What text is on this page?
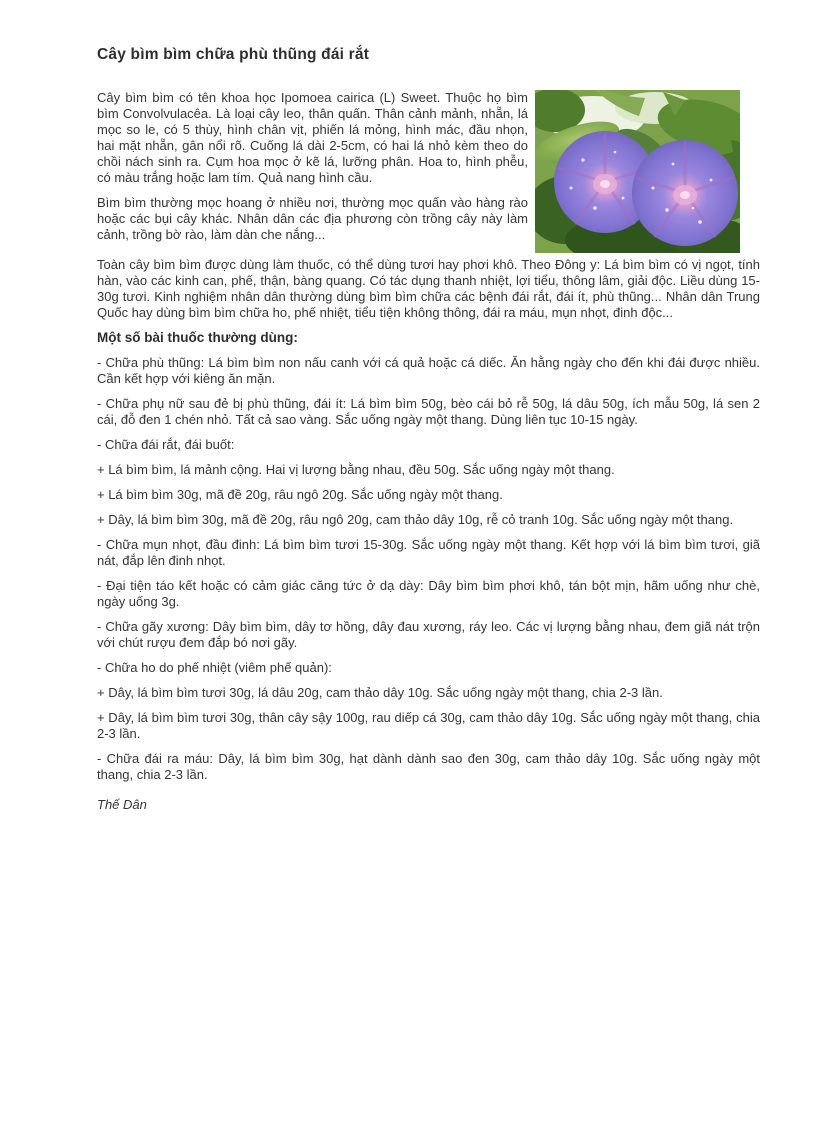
Cây bìm bìm chữa phù thũng đái rắt

Cây bìm bìm có tên khoa học Ipomoea cairica (L) Sweet. Thuộc họ bìm bìm Convolvulacêa. Là loại cây leo, thân quấn. Thân cảnh mảnh, nhẵn, lá mọc so le, có 5 thùy, hình chân vịt, phiến lá mỏng, hình mác, đầu nhọn, hai mặt nhẵn, gân nổi rõ. Cuống lá dài 2-5cm, có hai lá nhỏ kèm theo do chồi nách sinh ra. Cụm hoa mọc ở kẽ lá, lưỡng phân. Hoa to, hình phễu, có màu trắng hoặc lam tím. Quả nang hình cầu.

Bìm bìm thường mọc hoang ở nhiều nơi, thường mọc quấn vào hàng rào hoặc các bụi cây khác. Nhân dân các địa phương còn trồng cây này làm cảnh, trồng bờ rào, làm dàn che nắng...

Toàn cây bìm bìm được dùng làm thuốc, có thể dùng tươi hay phơi khô. Theo Đông y: Lá bìm bìm có vị ngọt, tính hàn, vào các kinh can, phế, thận, bàng quang. Có tác dụng thanh nhiệt, lợi tiểu, thông lâm, giải độc. Liều dùng 15-30g tươi. Kinh nghiệm nhân dân thường dùng bìm bìm chữa các bệnh đái rắt, đái ít, phù thũng... Nhân dân Trung Quốc hay dùng bìm bìm chữa ho, phế nhiệt, tiểu tiện không thông, đái ra máu, mụn nhọt, đinh độc...

Một số bài thuốc thường dùng:

- Chữa phù thũng: Lá bìm bìm non nấu canh với cá quả hoặc cá diếc. Ăn hằng ngày cho đến khi đái được nhiều. Cần kết hợp với kiêng ăn mặn.

- Chữa phụ nữ sau đẻ bị phù thũng, đái ít: Lá bìm bìm 50g, bèo cái bỏ rễ 50g, lá dâu 50g, ích mẫu 50g, lá sen 2 cái, đỗ đen 1 chén nhỏ. Tất cả sao vàng. Sắc uống ngày một thang. Dùng liên tục 10-15 ngày.

- Chữa đái rắt, đái buốt:

+ Lá bìm bìm, lá mảnh cộng. Hai vị lượng bằng nhau, đều 50g. Sắc uống ngày một thang.

+ Lá bìm bìm 30g, mã đề 20g, râu ngô 20g. Sắc uống ngày một thang.

+ Dây, lá bìm bìm 30g, mã đề 20g, râu ngô 20g, cam thảo dây 10g, rễ cỏ tranh 10g. Sắc uống ngày một thang.

- Chữa mụn nhọt, đầu đinh: Lá bìm bìm tươi 15-30g. Sắc uống ngày một thang. Kết hợp với lá bìm bìm tươi, giã nát, đắp lên đinh nhọt.

- Đại tiện táo kết hoặc có cảm giác căng tức ở dạ dày: Dây bìm bìm phơi khô, tán bột mịn, hãm uống như chè, ngày uống 3g.

- Chữa gãy xương: Dây bìm bìm, dây tơ hồng, dây đau xương, ráy leo. Các vị lượng bằng nhau, đem giã nát trộn với chút rượu đem đắp bó nơi gãy.

- Chữa ho do phế nhiệt (viêm phế quản):

+ Dây, lá bìm bìm tươi 30g, lá dâu 20g, cam thảo dây 10g. Sắc uống ngày một thang, chia 2-3 lần.

+ Dây, lá bìm bìm tươi 30g, thân cây sậy 100g, rau diếp cá 30g, cam thảo dây 10g. Sắc uống ngày một thang, chia 2-3 lần.

- Chữa đái ra máu: Dây, lá bìm bìm 30g, hạt dành dành sao đen 30g, cam thảo dây 10g. Sắc uống ngày một thang, chia 2-3 lần.

Thế Dân
